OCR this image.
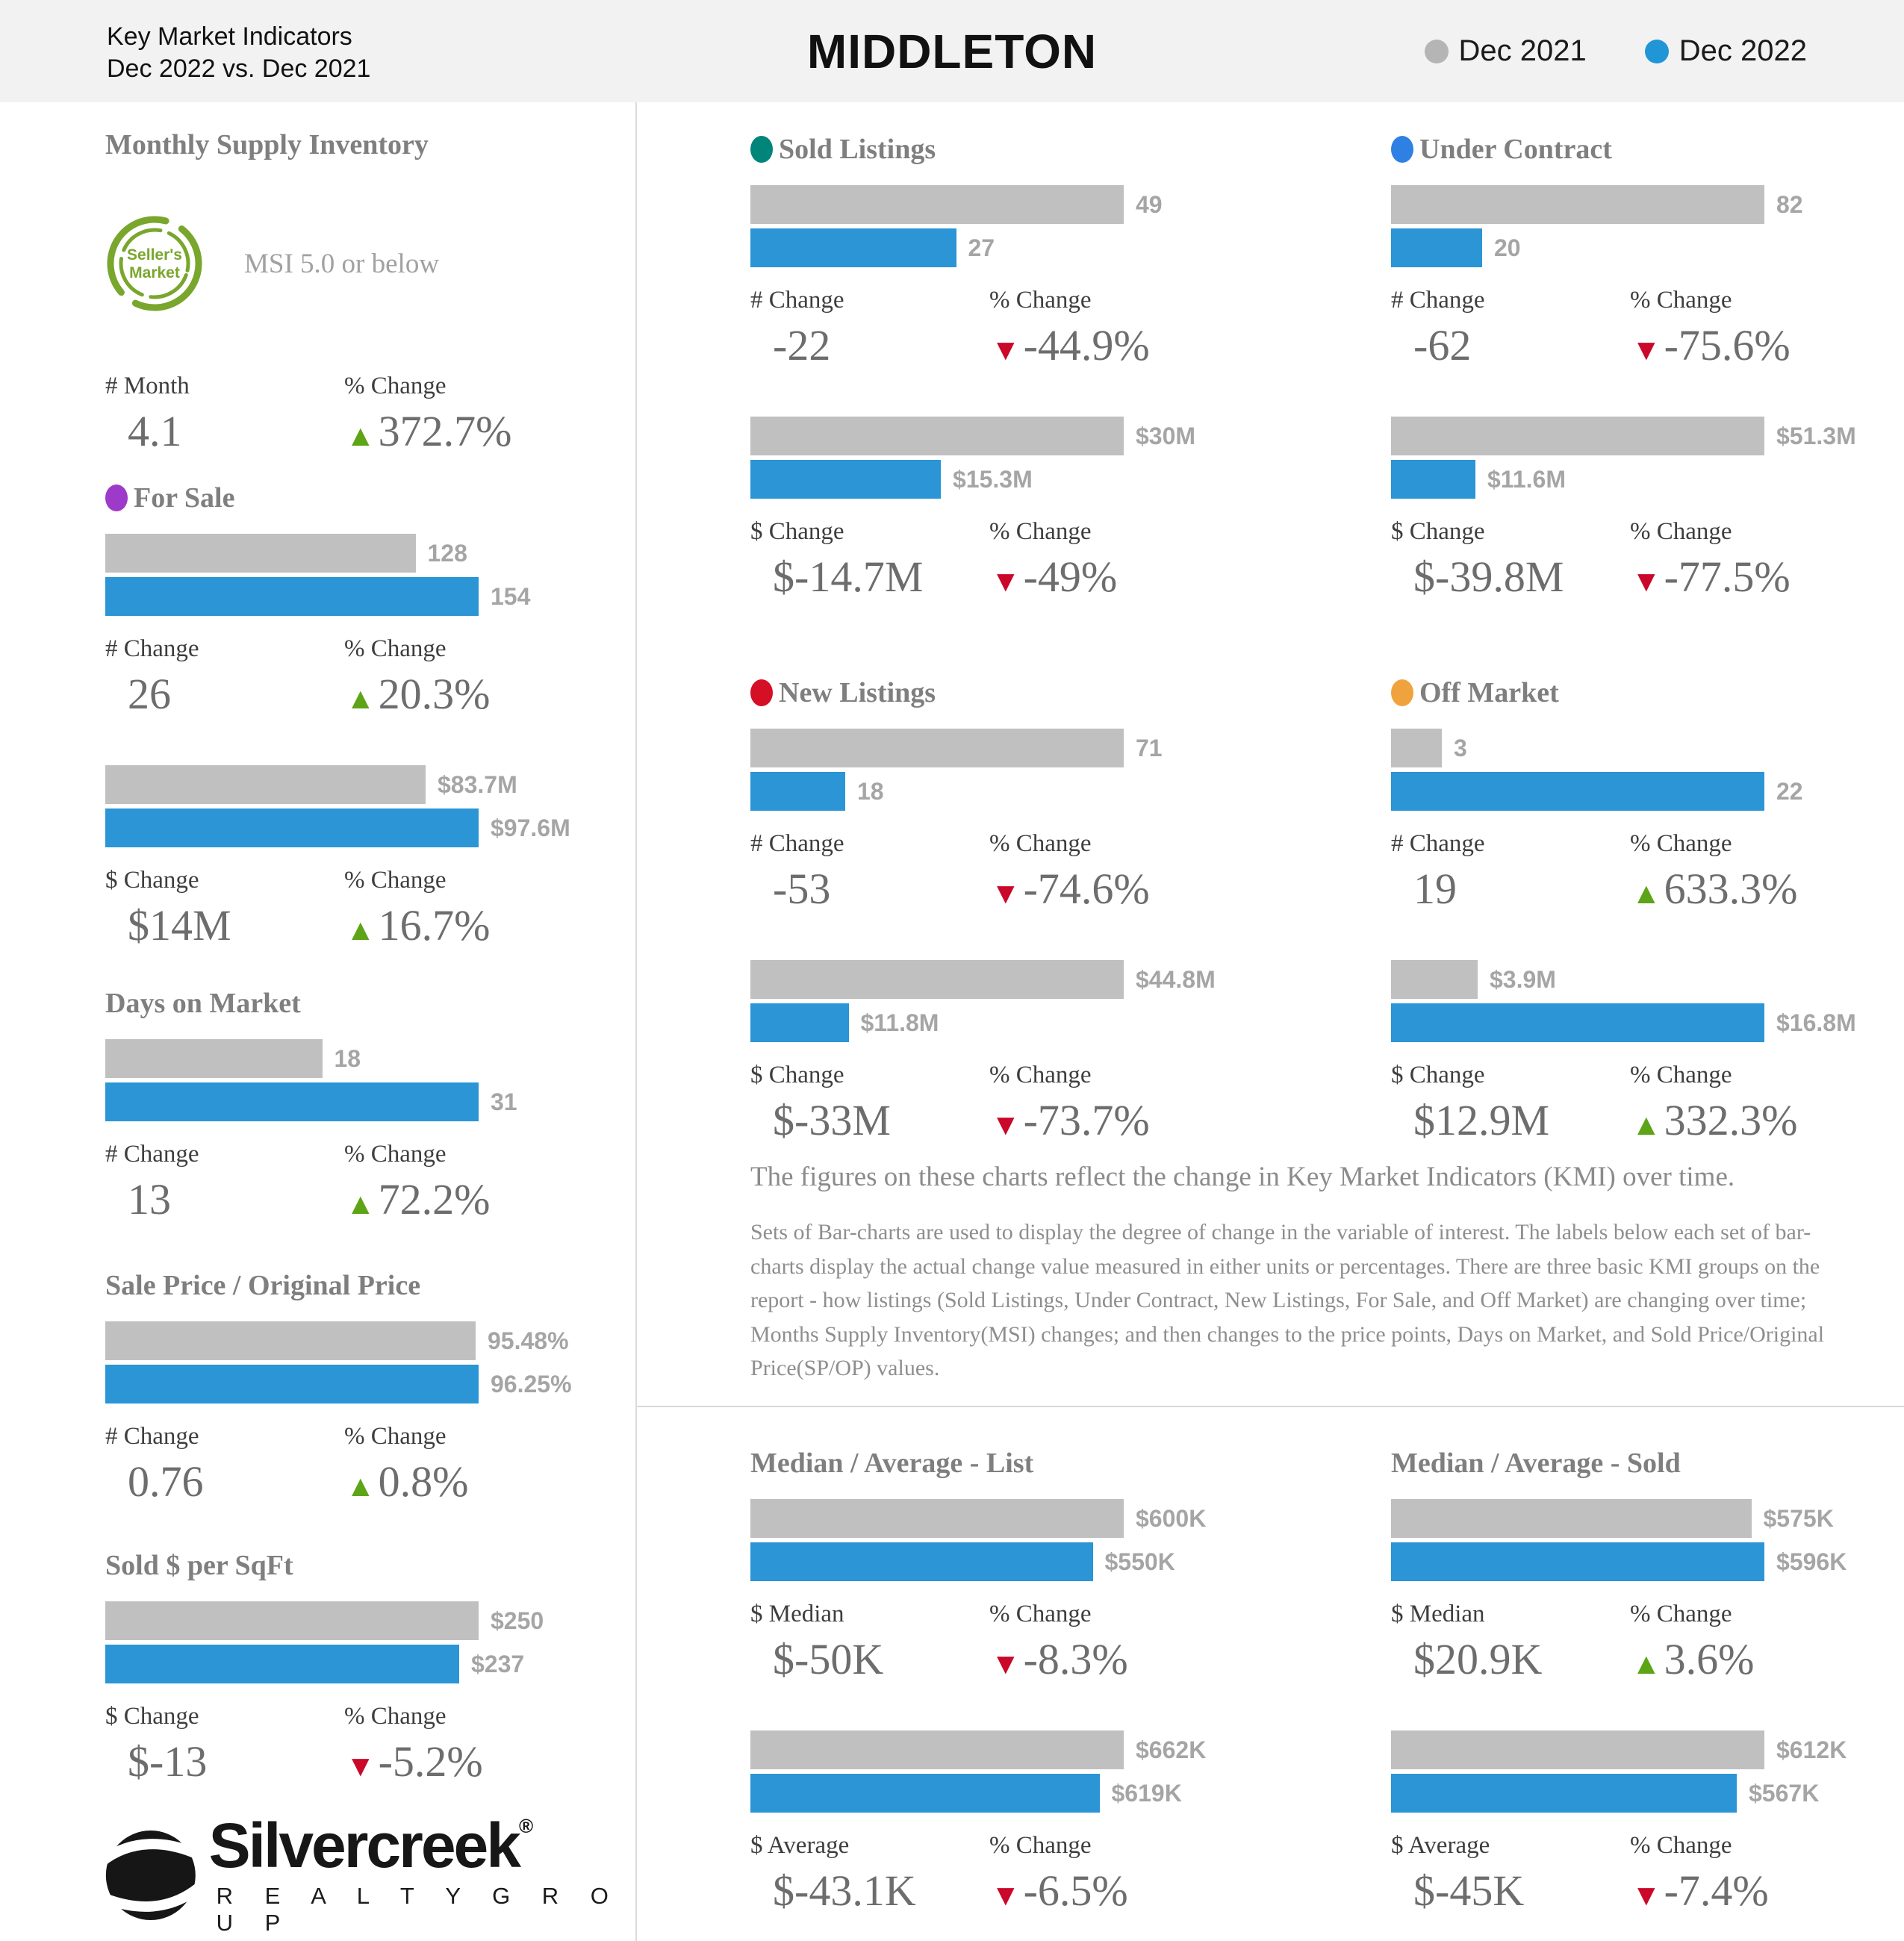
Key Market Indicators
Dec 2022 vs. Dec 2021	MIDDLETON	Dec 2021	Dec 2022
Monthly Supply Inventory
Seller's
Market MSI 5.0 or below
# Month
4.1
% Change
▲372.7%
For Sale
128
154
# Change
26
% Change
▲20.3%
$83.7M
$97.6M
$ Change
$14M
% Change
▲16.7%
Days on Market
18
31
# Change
13
% Change
▲72.2%
Sale Price / Original Price
95.48%
96.25%
# Change
0.76
% Change
▲0.8%
Sold $ per SqFt
$250
$237
$ Change
$-13
% Change
▼-5.2%
Silvercreek®
R E A L T Y G R O U P
Sold Listings
49
27
# Change
-22
% Change
▼-44.9%
$30M
$15.3M
$ Change
$-14.7M
% Change
▼-49%
Under Contract
82
20
# Change
-62
% Change
▼-75.6%
$51.3M
$11.6M
$ Change
$-39.8M
% Change
▼-77.5%
New Listings
71
18
# Change
-53
% Change
▼-74.6%
$44.8M
$11.8M
$ Change
$-33M
% Change
▼-73.7%
Off Market
3
22
# Change
19
% Change
▲633.3%
$3.9M
$16.8M
$ Change
$12.9M
% Change
▲332.3%
The figures on these charts reflect the change in Key Market Indicators (KMI) over time.

Sets of Bar-charts are used to display the degree of change in the variable of interest. The labels below each set of bar-charts display the actual change value measured in either units or percentages. There are three basic KMI groups on the report - how listings (Sold Listings, Under Contract, New Listings, For Sale, and Off Market) are changing over time; Months Supply Inventory(MSI) changes; and then changes to the price points, Days on Market, and Sold Price/Original Price(SP/OP) values.

Median / Average - List
$600K
$550K
$ Median
$-50K
% Change
▼-8.3%
$662K
$619K
$ Average
$-43.1K
% Change
▼-6.5%
Median / Average - Sold
$575K
$596K
$ Median
$20.9K
% Change
▲3.6%
$612K
$567K
$ Average
$-45K
% Change
▼-7.4%
